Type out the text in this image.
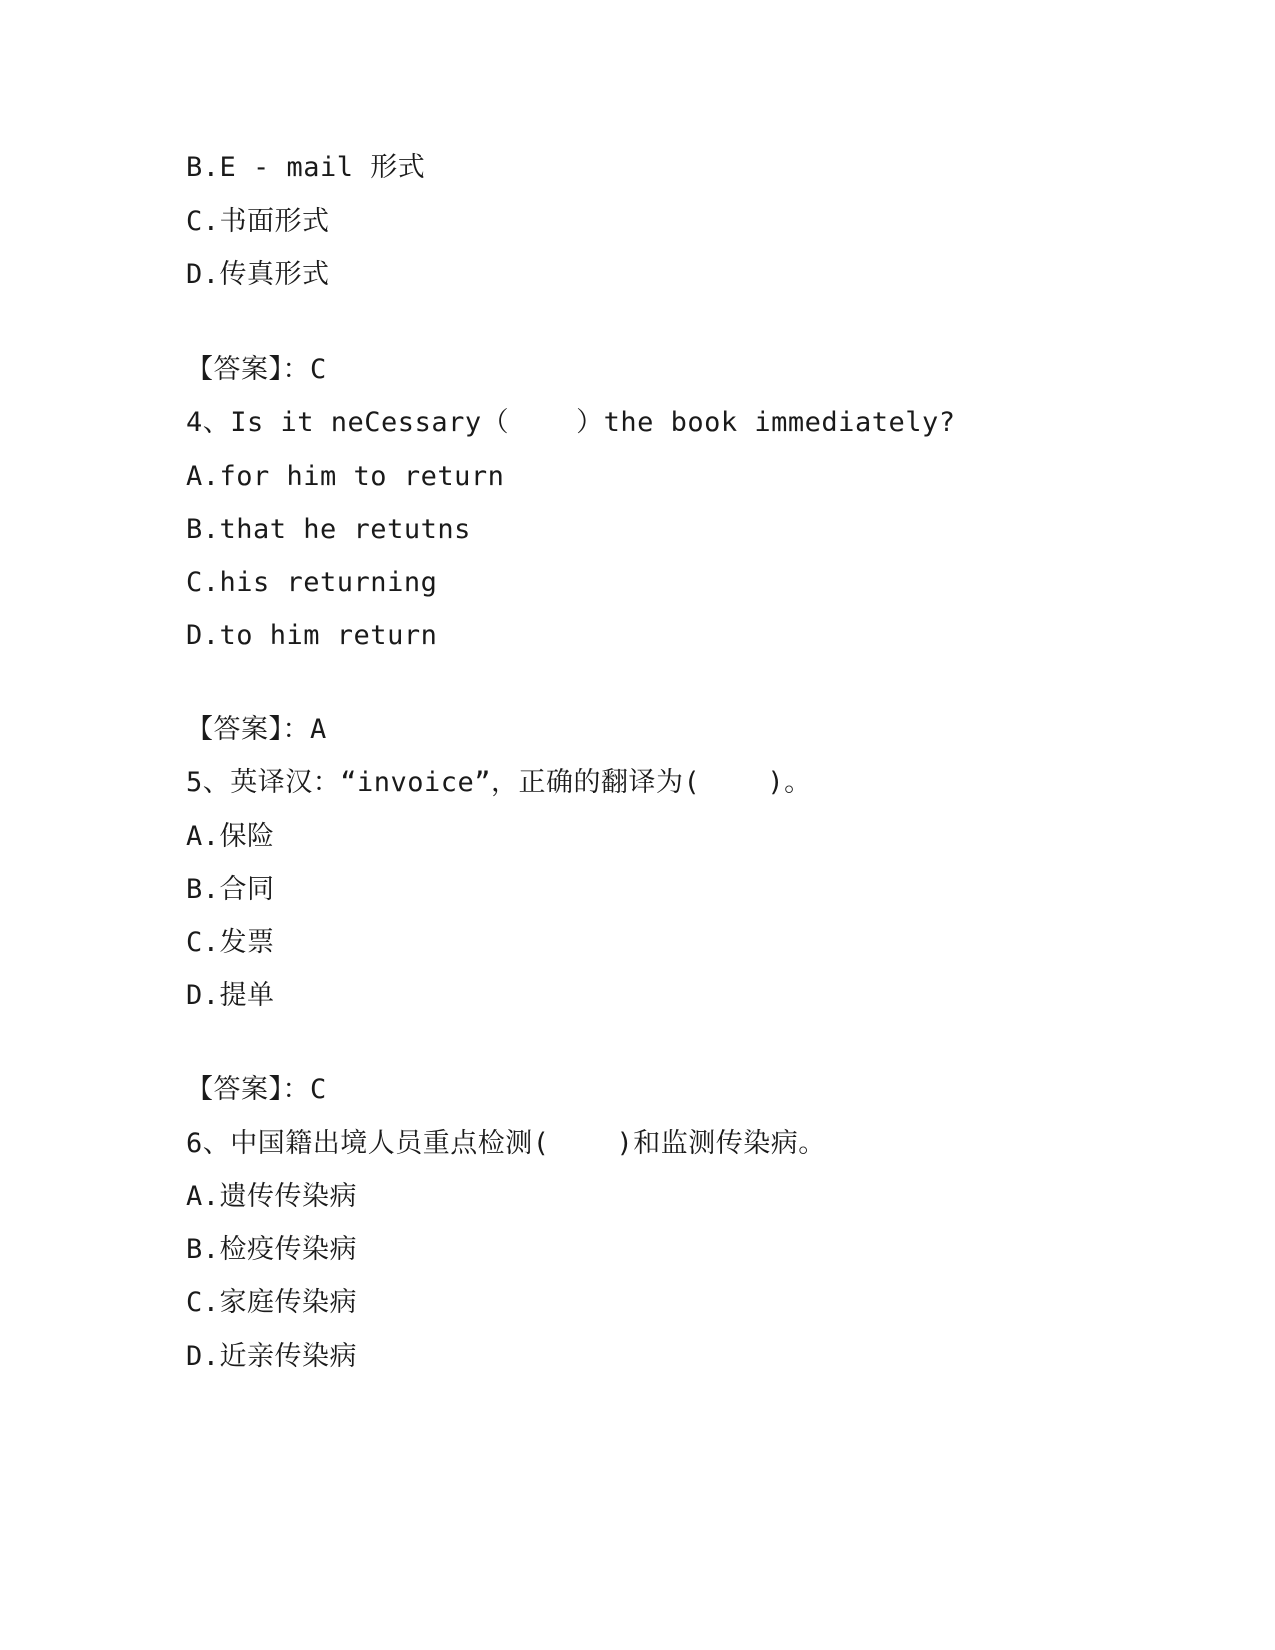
B.E - mail 形式
C.书面形式
D.传真形式
【答案】：C
4、Is it neCessary（    ）the book immediately?
A.for him to return
B.that he retutns
C.his returning
D.to him return
【答案】：A
5、英译汉：“invoice”，正确的翻译为(    )。
A.保险
B.合同
C.发票
D.提单
【答案】：C
6、中国籍出境人员重点检测(    )和监测传染病。
A.遗传传染病
B.检疫传染病
C.家庭传染病
D.近亲传染病
